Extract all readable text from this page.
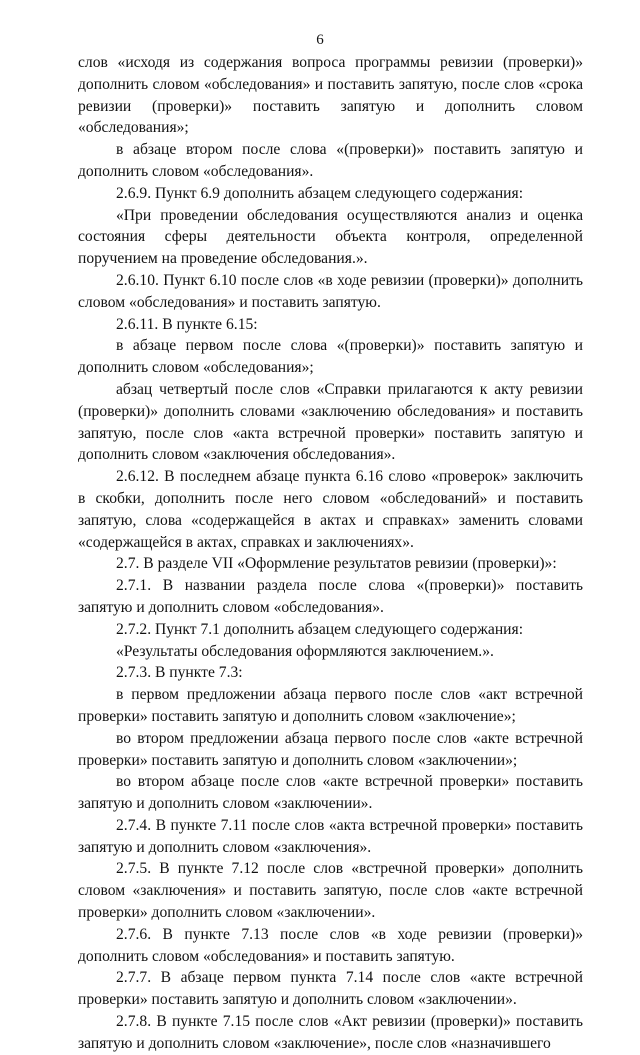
6

слов «исходя из содержания вопроса программы ревизии (проверки)» дополнить словом «обследования» и поставить запятую, после слов «срока ревизии (проверки)» поставить запятую и дополнить словом «обследования»;

в абзаце втором после слова «(проверки)» поставить запятую и дополнить словом «обследования».

2.6.9. Пункт 6.9 дополнить абзацем следующего содержания:

«При проведении обследования осуществляются анализ и оценка состояния сферы деятельности объекта контроля, определенной поручением на проведение обследования.».

2.6.10. Пункт 6.10 после слов «в ходе ревизии (проверки)» дополнить словом «обследования» и поставить запятую.

2.6.11. В пункте 6.15:

в абзаце первом после слова «(проверки)» поставить запятую и дополнить словом «обследования»;

абзац четвертый после слов «Справки прилагаются к акту ревизии (проверки)» дополнить словами «заключению обследования» и поставить запятую, после слов «акта встречной проверки» поставить запятую и дополнить словом «заключения обследования».

2.6.12. В последнем абзаце пункта 6.16 слово «проверок» заключить в скобки, дополнить после него словом «обследований» и поставить запятую, слова «содержащейся в актах и справках» заменить словами «содержащейся в актах, справках и заключениях».

2.7. В разделе VII «Оформление результатов ревизии (проверки)»:

2.7.1. В названии раздела после слова «(проверки)» поставить запятую и дополнить словом «обследования».

2.7.2. Пункт 7.1 дополнить абзацем следующего содержания:

«Результаты обследования оформляются заключением.».

2.7.3. В пункте 7.3:

в первом предложении абзаца первого после слов «акт встречной проверки» поставить запятую и дополнить словом «заключение»;

во втором предложении абзаца первого после слов «акте встречной проверки» поставить запятую и дополнить словом «заключении»;

во втором абзаце после слов «акте встречной проверки» поставить запятую и дополнить словом «заключении».

2.7.4. В пункте 7.11 после слов «акта встречной проверки» поставить запятую и дополнить словом «заключения».

2.7.5. В пункте 7.12 после слов «встречной проверки» дополнить словом «заключения» и поставить запятую, после слов «акте встречной проверки» дополнить словом «заключении».

2.7.6. В пункте 7.13 после слов «в ходе ревизии (проверки)» дополнить словом «обследования» и поставить запятую.

2.7.7. В абзаце первом пункта 7.14 после слов «акте встречной проверки» поставить запятую и дополнить словом «заключении».

2.7.8. В пункте 7.15 после слов «Акт ревизии (проверки)» поставить запятую и дополнить словом «заключение», после слов «назначившего
